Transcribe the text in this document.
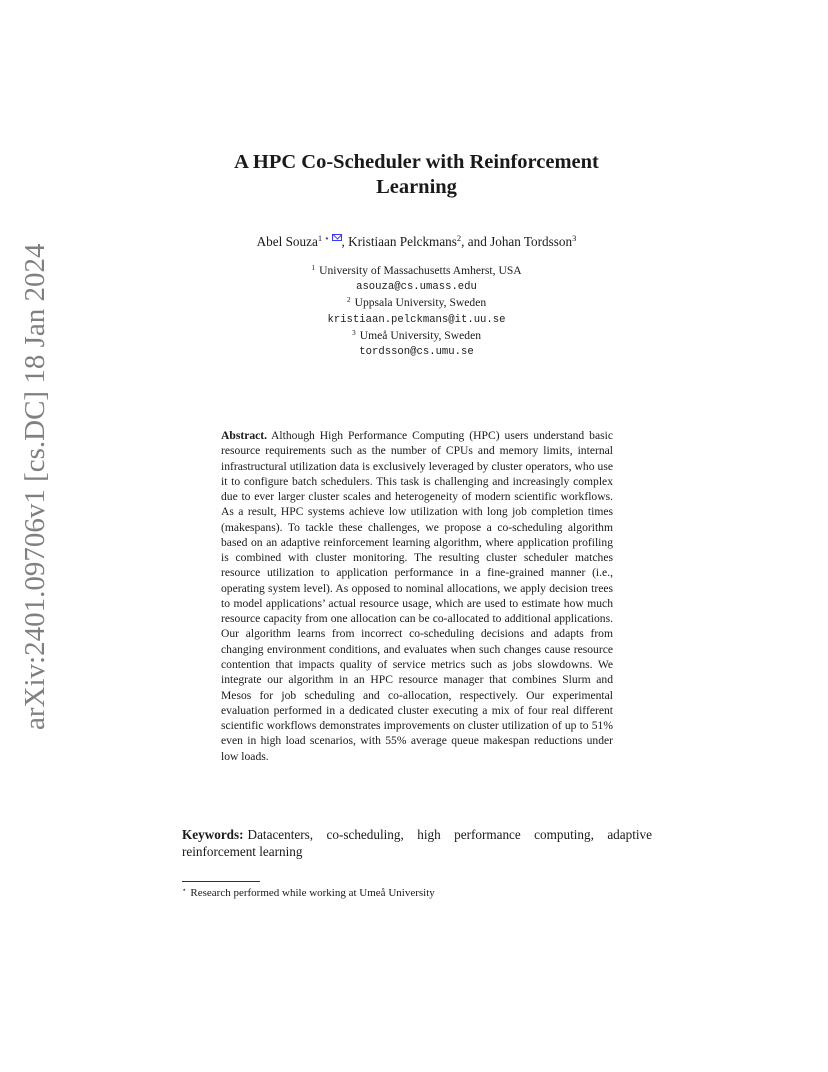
arXiv:2401.09706v1 [cs.DC] 18 Jan 2024
A HPC Co-Scheduler with Reinforcement
Learning
Abel Souza$^{1 ⋆}$ , Kristiaan Pelckmans$^2$, and Johan Tordsson$^3$
$^1$ University of Massachusetts Amherst, USA
asouza@cs.umass.edu
$^2$ Uppsala University, Sweden
kristiaan.pelckmans@it.uu.se
$^3$ Umeå University, Sweden
tordsson@cs.umu.se
Abstract. Although High Performance Computing (HPC) users understand basic resource requirements such as the number of CPUs and memory limits, internal infrastructural utilization data is exclusively leveraged by cluster operators, who use it to configure batch schedulers. This task is challenging and increasingly complex due to ever larger cluster scales and heterogeneity of modern scientific workflows. As a result, HPC systems achieve low utilization with long job completion times (makespans). To tackle these challenges, we propose a co-scheduling algorithm based on an adaptive reinforcement learning algorithm, where application profiling is combined with cluster monitoring. The resulting cluster scheduler matches resource utilization to application performance in a fine-grained manner (i.e., operating system level). As opposed to nominal allocations, we apply decision trees to model applications’ actual resource usage, which are used to estimate how much resource capacity from one allocation can be co-allocated to additional applications. Our algorithm learns from incorrect co-scheduling decisions and adapts from changing environment conditions, and evaluates when such changes cause resource contention that impacts quality of service metrics such as jobs slowdowns. We integrate our algorithm in an HPC resource manager that combines Slurm and Mesos for job scheduling and co-allocation, respectively. Our experimental evaluation performed in a dedicated cluster executing a mix of four real different scientific workflows demonstrates improvements on cluster utilization of up to 51% even in high load scenarios, with 55% average queue makespan reductions under low loads.
Keywords: Datacenters, co-scheduling, high performance computing, adaptive reinforcement learning
⋆ Research performed while working at Umeå University
